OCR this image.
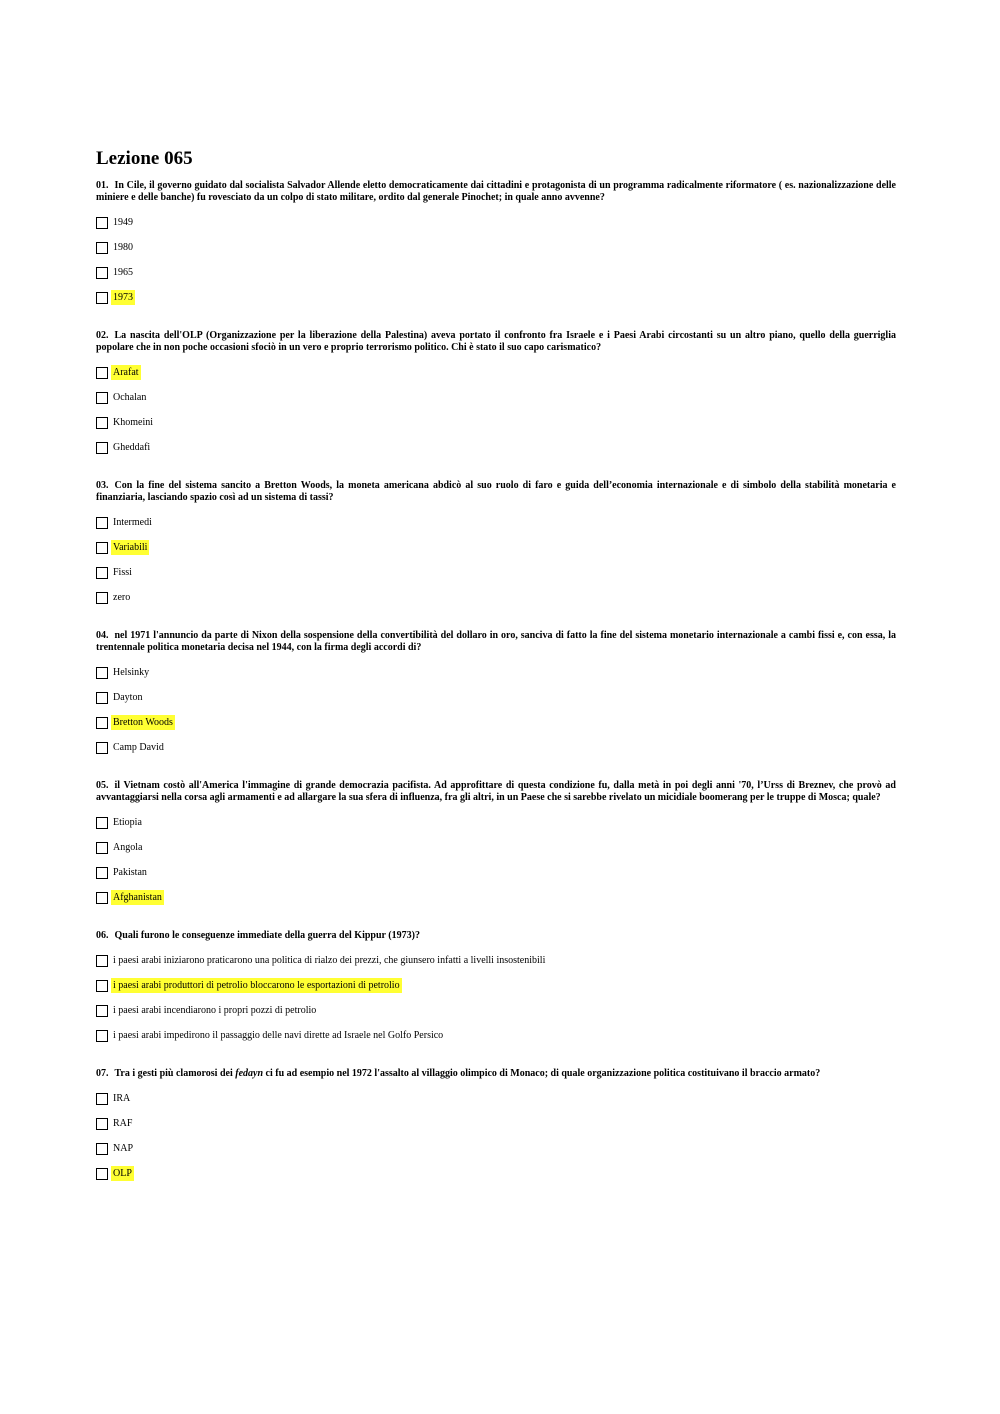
Lezione 065
01. In Cile, il governo guidato dal socialista Salvador Allende eletto democraticamente dai cittadini e protagonista di un programma radicalmente riformatore ( es. nazionalizzazione delle miniere e delle banche) fu rovesciato da un colpo di stato militare, ordito dal generale Pinochet; in quale anno avvenne?
1949
1980
1965
1973
02. La nascita dell'OLP (Organizzazione per la liberazione della Palestina) aveva portato il confronto fra Israele e i Paesi Arabi circostanti su un altro piano, quello della guerriglia popolare che in non poche occasioni sfociò in un vero e proprio terrorismo politico. Chi è stato il suo capo carismatico?
Arafat
Ochalan
Khomeini
Gheddafi
03. Con la fine del sistema sancito a Bretton Woods, la moneta americana abdicò al suo ruolo di faro e guida dell’economia internazionale e di simbolo della stabilità monetaria e finanziaria, lasciando spazio così ad un sistema di tassi?
Intermedi
Variabili
Fissi
zero
04. nel 1971 l'annuncio da parte di Nixon della sospensione della convertibilità del dollaro in oro, sanciva di fatto la fine del sistema monetario internazionale a cambi fissi e, con essa, la trentennale politica monetaria decisa nel 1944, con la firma degli accordi di?
Helsinky
Dayton
Bretton Woods
Camp David
05. il Vietnam costò all'America l'immagine di grande democrazia pacifista. Ad approfittare di questa condizione fu, dalla metà in poi degli anni '70, l’Urss di Breznev, che provò ad avvantaggiarsi nella corsa agli armamenti e ad allargare la sua sfera di influenza, fra gli altri, in un Paese che si sarebbe rivelato un micidiale boomerang per le truppe di Mosca; quale?
Etiopia
Angola
Pakistan
Afghanistan
06. Quali furono le conseguenze immediate della guerra del Kippur (1973)?
i paesi arabi iniziarono praticarono una politica di rialzo dei prezzi, che giunsero infatti a livelli insostenibili
i paesi arabi produttori di petrolio bloccarono le esportazioni di petrolio
i paesi arabi incendiarono i propri pozzi di petrolio
i paesi arabi impedirono il passaggio delle navi dirette ad Israele nel Golfo Persico
07. Tra i gesti più clamorosi dei fedayn ci fu ad esempio nel 1972 l'assalto al villaggio olimpico di Monaco; di quale organizzazione politica costituivano il braccio armato?
IRA
RAF
NAP
OLP
